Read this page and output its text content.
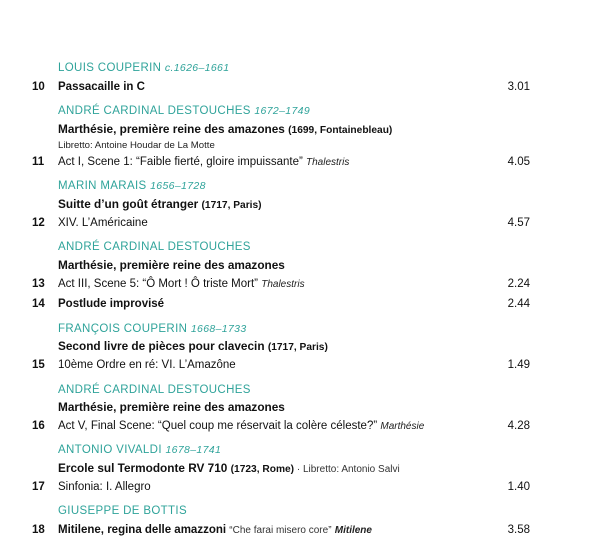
LOUIS COUPERIN c.1626–1661
10	Passacaille in C	3.01
ANDRÉ CARDINAL DESTOUCHES 1672–1749
Marthésie, première reine des amazones (1699, Fontainebleau)
Libretto: Antoine Houdar de La Motte
11	Act I, Scene 1: “Faible fierté, gloire impuissante” Thalestris	4.05
MARIN MARAIS 1656–1728
Suitte d’un goût étranger (1717, Paris)
12	XIV. L’Américaine	4.57
ANDRÉ CARDINAL DESTOUCHES
Marthésie, première reine des amazones
13	Act III, Scene 5: “Ô Mort ! Ô triste Mort” Thalestris	2.24
14	Postlude improvisé	2.44
FRANÇOIS COUPERIN 1668–1733
Second livre de pièces pour clavecin (1717, Paris)
15	10ème Ordre en ré: VI. L’Amazône	1.49
ANDRÉ CARDINAL DESTOUCHES
Marthésie, première reine des amazones
16	Act V, Final Scene: “Quel coup me réservait la colère céleste?” Marthésie	4.28
ANTONIO VIVALDI 1678–1741
Ercole sul Termodonte RV 710 (1723, Rome) · Libretto: Antonio Salvi
17	Sinfonia: I. Allegro	1.40
GIUSEPPE DE BOTTIS
18	Mitilene, regina delle amazzoni “Che farai misero core” Mitilene	3.58
